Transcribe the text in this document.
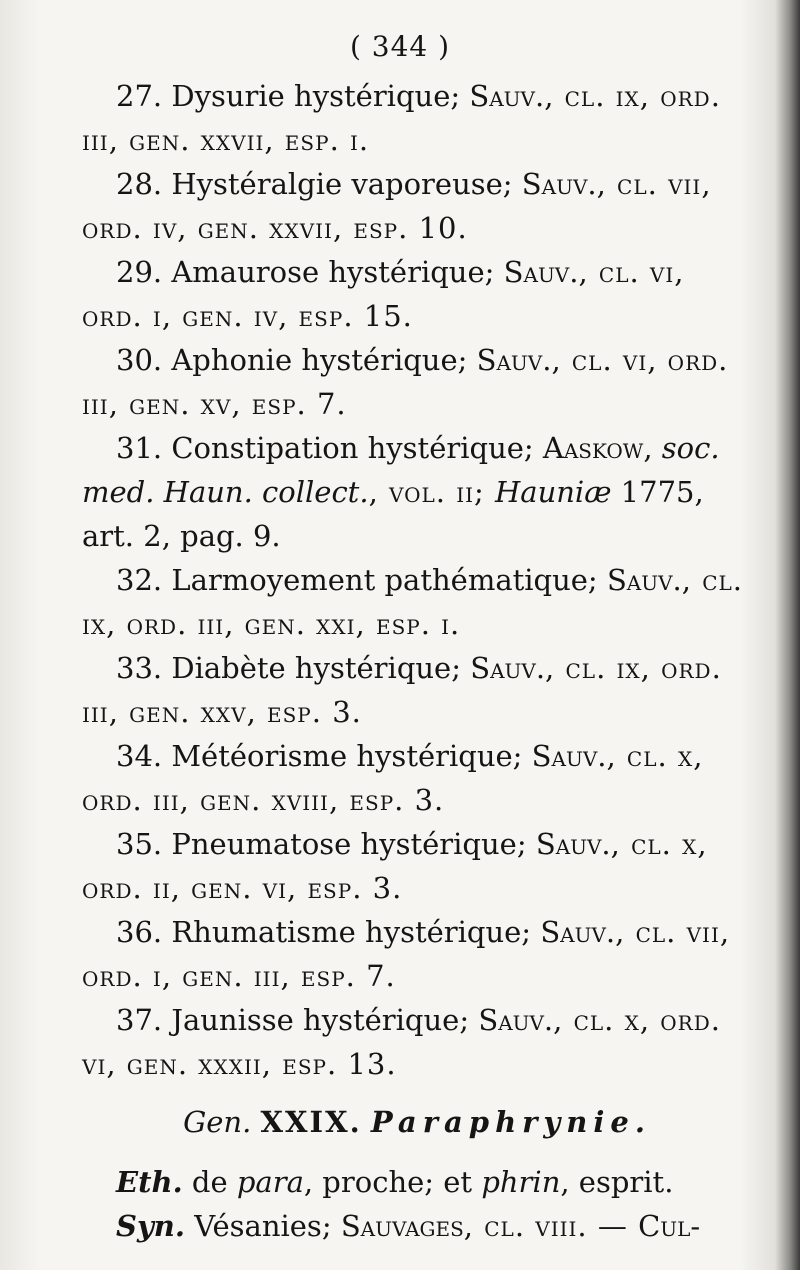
( 344 )
27. Dysurie hystérique; Sauv., cl. ix, ord.
iii, gen. xxvii, esp. i.
28. Hystéralgie vaporeuse; Sauv., cl. vii,
ord. iv, gen. xxvii, esp. 10.
29. Amaurose hystérique; Sauv., cl. vi,
ord. i, gen. iv, esp. 15.
30. Aphonie hystérique; Sauv., cl. vi, ord.
iii, gen. xv, esp. 7.
31. Constipation hystérique; Aaskow, soc.
med. Haun. collect., vol. ii; Hauniæ 1775,
art. 2, pag. 9.
32. Larmoyement pathématique; Sauv., cl.
ix, ord. iii, gen. xxi, esp. i.
33. Diabète hystérique; Sauv., cl. ix, ord.
iii, gen. xxv, esp. 3.
34. Météorisme hystérique; Sauv., cl. x,
ord. iii, gen. xviii, esp. 3.
35. Pneumatose hystérique; Sauv., cl. x,
ord. ii, gen. vi, esp. 3.
36. Rhumatisme hystérique; Sauv., cl. vii,
ord. i, gen. iii, esp. 7.
37. Jaunisse hystérique; Sauv., cl. x, ord.
vi, gen. xxxii, esp. 13.
Gen. XXIX. Paraphrynie.
Eth. de para, proche; et phrin, esprit.
Syn. Vésanies; Sauvages, cl. viii. — Cul-
